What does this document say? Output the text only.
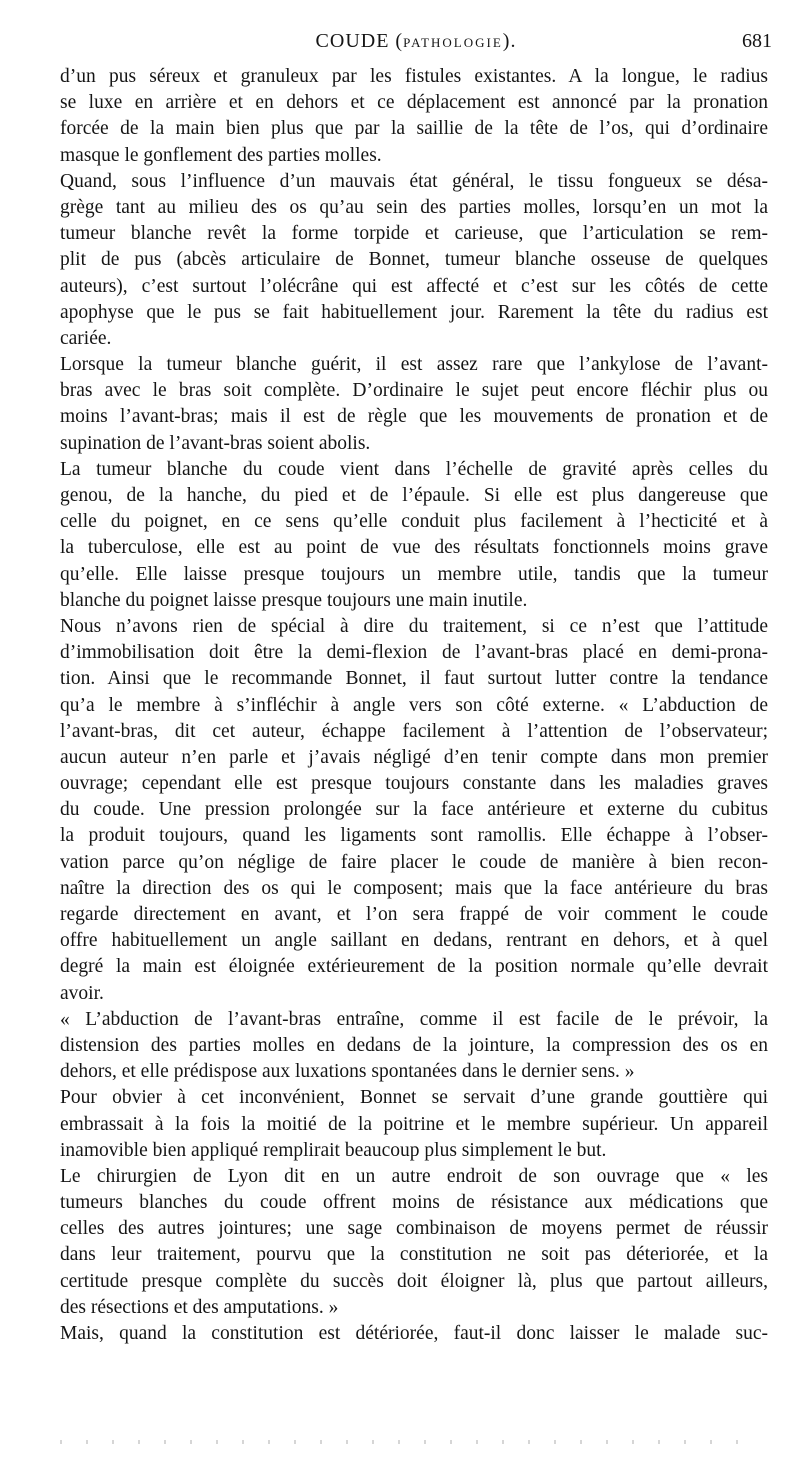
COUDE (PATHOLOGIE).	681

d’un pus séreux et granuleux par les fistules existantes. A la longue, le radius
se luxe en arrière et en dehors et ce déplacement est annoncé par la pronation
forcée de la main bien plus que par la saillie de la tête de l’os, qui d’ordinaire
masque le gonflement des parties molles.

Quand, sous l’influence d’un mauvais état général, le tissu fongueux se désa-
grège tant au milieu des os qu’au sein des parties molles, lorsqu’en un mot la
tumeur blanche revêt la forme torpide et carieuse, que l’articulation se rem-
plit de pus (abcès articulaire de Bonnet, tumeur blanche osseuse de quelques
auteurs), c’est surtout l’olécrâne qui est affecté et c’est sur les côtés de cette
apophyse que le pus se fait habituellement jour. Rarement la tête du radius est
cariée.

Lorsque la tumeur blanche guérit, il est assez rare que l’ankylose de l’avant-
bras avec le bras soit complète. D’ordinaire le sujet peut encore fléchir plus ou
moins l’avant-bras; mais il est de règle que les mouvements de pronation et de
supination de l’avant-bras soient abolis.

La tumeur blanche du coude vient dans l’échelle de gravité après celles du
genou, de la hanche, du pied et de l’épaule. Si elle est plus dangereuse que
celle du poignet, en ce sens qu’elle conduit plus facilement à l’hecticité et à
la tuberculose, elle est au point de vue des résultats fonctionnels moins grave
qu’elle. Elle laisse presque toujours un membre utile, tandis que la tumeur
blanche du poignet laisse presque toujours une main inutile.

Nous n’avons rien de spécial à dire du traitement, si ce n’est que l’attitude
d’immobilisation doit être la demi-flexion de l’avant-bras placé en demi-prona-
tion. Ainsi que le recommande Bonnet, il faut surtout lutter contre la tendance
qu’a le membre à s’infléchir à angle vers son côté externe. « L’abduction de
l’avant-bras, dit cet auteur, échappe facilement à l’attention de l’observateur;
aucun auteur n’en parle et j’avais négligé d’en tenir compte dans mon premier
ouvrage; cependant elle est presque toujours constante dans les maladies graves
du coude. Une pression prolongée sur la face antérieure et externe du cubitus
la produit toujours, quand les ligaments sont ramollis. Elle échappe à l’obser-
vation parce qu’on néglige de faire placer le coude de manière à bien recon-
naître la direction des os qui le composent; mais que la face antérieure du bras
regarde directement en avant, et l’on sera frappé de voir comment le coude
offre habituellement un angle saillant en dedans, rentrant en dehors, et à quel
degré la main est éloignée extérieurement de la position normale qu’elle devrait
avoir.

« L’abduction de l’avant-bras entraîne, comme il est facile de le prévoir, la
distension des parties molles en dedans de la jointure, la compression des os en
dehors, et elle prédispose aux luxations spontanées dans le dernier sens. »

Pour obvier à cet inconvénient, Bonnet se servait d’une grande gouttière qui
embrassait à la fois la moitié de la poitrine et le membre supérieur. Un appareil
inamovible bien appliqué remplirait beaucoup plus simplement le but.

Le chirurgien de Lyon dit en un autre endroit de son ouvrage que « les
tumeurs blanches du coude offrent moins de résistance aux médications que
celles des autres jointures; une sage combinaison de moyens permet de réussir
dans leur traitement, pourvu que la constitution ne soit pas déteriorée, et la
certitude presque complète du succès doit éloigner là, plus que partout ailleurs,
des résections et des amputations. »

Mais, quand la constitution est détériorée, faut-il donc laisser le malade suc-
